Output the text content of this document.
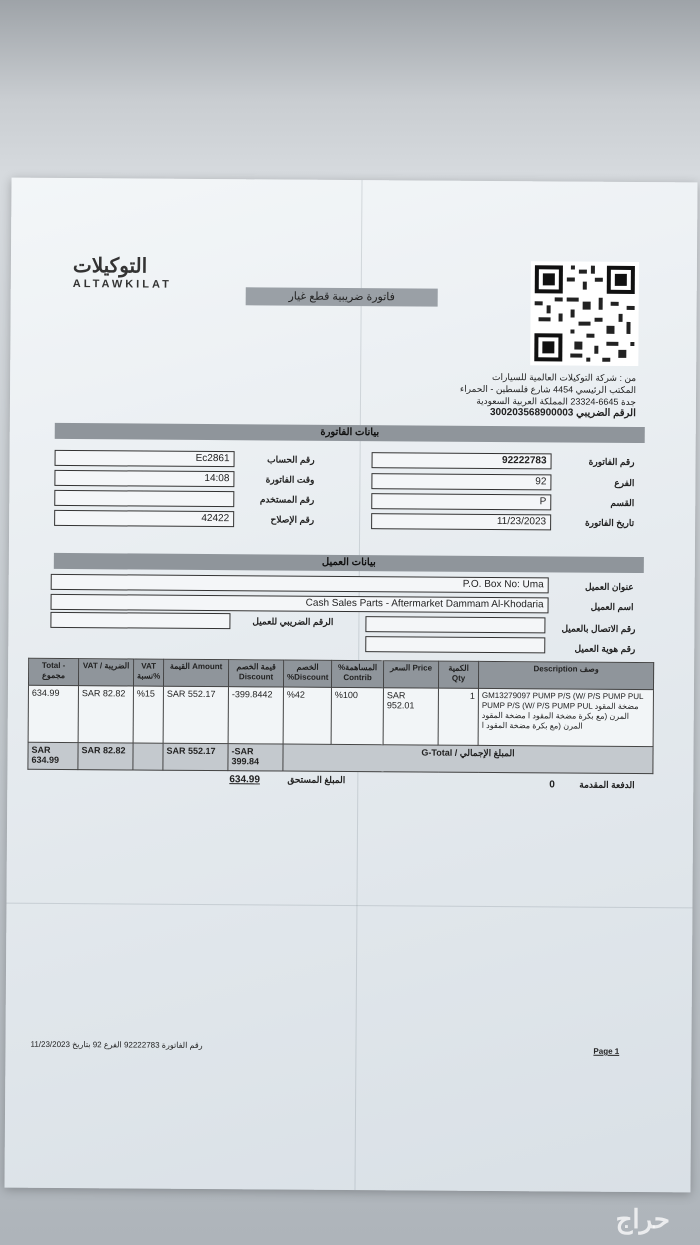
التوكيلات
ALTAWKILAT
فاتورة ضريبية قطع غيار
من : شركة التوكيلات العالمية للسيارات
المكتب الرئيسي 4454 شارع فلسطين - الحمراء
جدة 6645-23324 المملكة العربية السعودية
الرقم الضريبي 300203568900003
بيانات الفاتورة
92222783	رقم الفاتورة
92	الفرع
P	القسم
11/23/2023	تاريخ الفاتورة
Ec2861	رقم الحساب
14:08	وقت الفاتورة
رقم المستخدم
42422	رقم الإصلاح
بيانات العميل
P.O. Box No: Uma	عنوان العميل
Cash Sales Parts - Aftermarket Dammam Al-Khodaria	اسم العميل
الرقم الضريبي للعميل
رقم الاتصال بالعميل
رقم هوية العميل
Total - مجموع	VAT / الضريبة	VAT نسبة%	القيمة Amount	قيمة الخصم Discount	الخصم %Discount	%المساهمة Contrib	السعر Price	الكمية Qty	Description وصف
634.99	SAR 82.82	%15	SAR 552.17	-399.8442	%42	%100	SAR 952.01	1	GM13279097 PUMP P/S (W/ P/S PUMP PUL PUMP P/S (W/ P/S PUMP PUL مضخة المقود المرن (مع بكرة مضخة المقود ا مضخة المقود المرن (مع بكرة مضخة المقود ا
SAR 634.99	SAR 82.82		SAR 552.17	-SAR 399.84	G-Total / المبلغ الإجمالي				
634.99	المبلغ المستحق	0	الدفعة المقدمة
11/23/2023 رقم الفاتورة 92222783 الفرع 92 بتاريخ
Page 1
حراج
